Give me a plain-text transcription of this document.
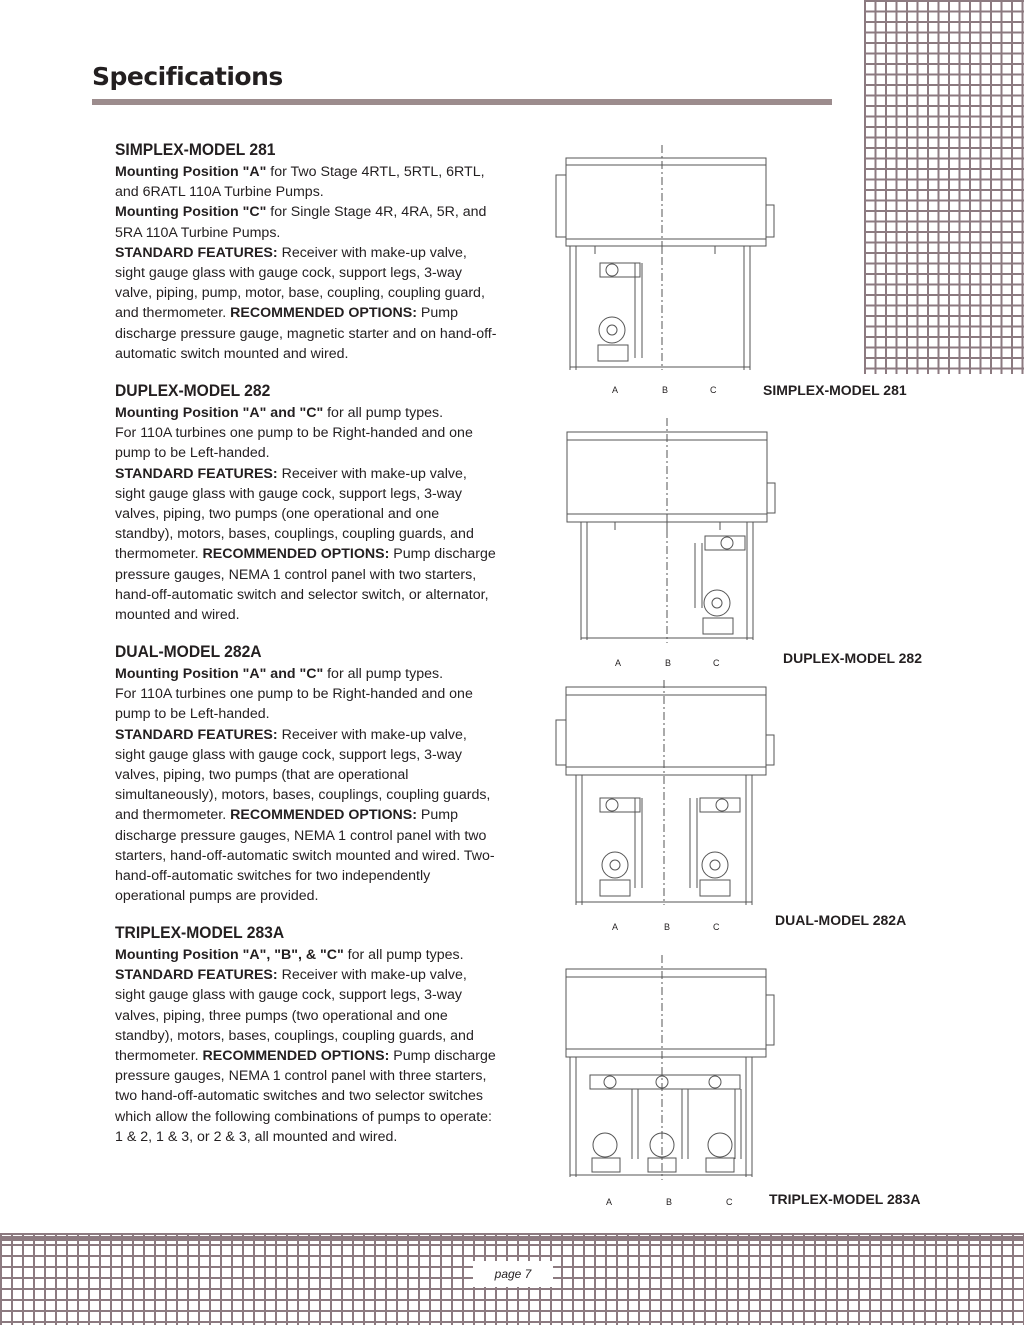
Specifications
SIMPLEX-MODEL 281

Mounting Position "A" for Two Stage 4RTL, 5RTL, 6RTL, and 6RATL 110A Turbine Pumps.
Mounting Position "C" for Single Stage 4R, 4RA, 5R, and 5RA 110A Turbine Pumps.
STANDARD FEATURES: Receiver with make-up valve, sight gauge glass with gauge cock, support legs, 3-way valve, piping, pump, motor, base, coupling, coupling guard, and thermometer. RECOMMENDED OPTIONS: Pump discharge pressure gauge, magnetic starter and on hand-off-automatic switch mounted and wired.

DUPLEX-MODEL 282

Mounting Position "A" and "C" for all pump types.
For 110A turbines one pump to be Right-handed and one pump to be Left-handed.
STANDARD FEATURES: Receiver with make-up valve, sight gauge glass with gauge cock, support legs, 3-way valves, piping, two pumps (one operational and one standby), motors, bases, couplings, coupling guards, and thermometer. RECOMMENDED OPTIONS: Pump discharge pressure gauges, NEMA 1 control panel with two starters, hand-off-automatic switch and selector switch, or alternator, mounted and wired.

DUAL-MODEL 282A

Mounting Position "A" and "C" for all pump types.
For 110A turbines one pump to be Right-handed and one pump to be Left-handed.
STANDARD FEATURES: Receiver with make-up valve, sight gauge glass with gauge cock, support legs, 3-way valves, piping, two pumps (that are operational simultaneously), motors, bases, couplings, coupling guards, and thermometer. RECOMMENDED OPTIONS: Pump discharge pressure gauges, NEMA 1 control panel with two starters, hand-off-automatic switch mounted and wired. Two-hand-off-automatic switches for two independently operational pumps are provided.

TRIPLEX-MODEL 283A

Mounting Position "A", "B", & "C" for all pump types.
STANDARD FEATURES: Receiver with make-up valve, sight gauge glass with gauge cock, support legs, 3-way valves, piping, three pumps (two operational and one standby), motors, bases, couplings, coupling guards, and thermometer. RECOMMENDED OPTIONS: Pump discharge pressure gauges, NEMA 1 control panel with three starters, two hand-off-automatic switches and two selector switches which allow the following combinations of pumps to operate: 1 & 2, 1 & 3, or 2 & 3, all mounted and wired.

A	B	C	SIMPLEX-MODEL 281
A	B	C	DUPLEX-MODEL 282
A	B	C	DUAL-MODEL 282A
A	B	C	TRIPLEX-MODEL 283A
page 7
